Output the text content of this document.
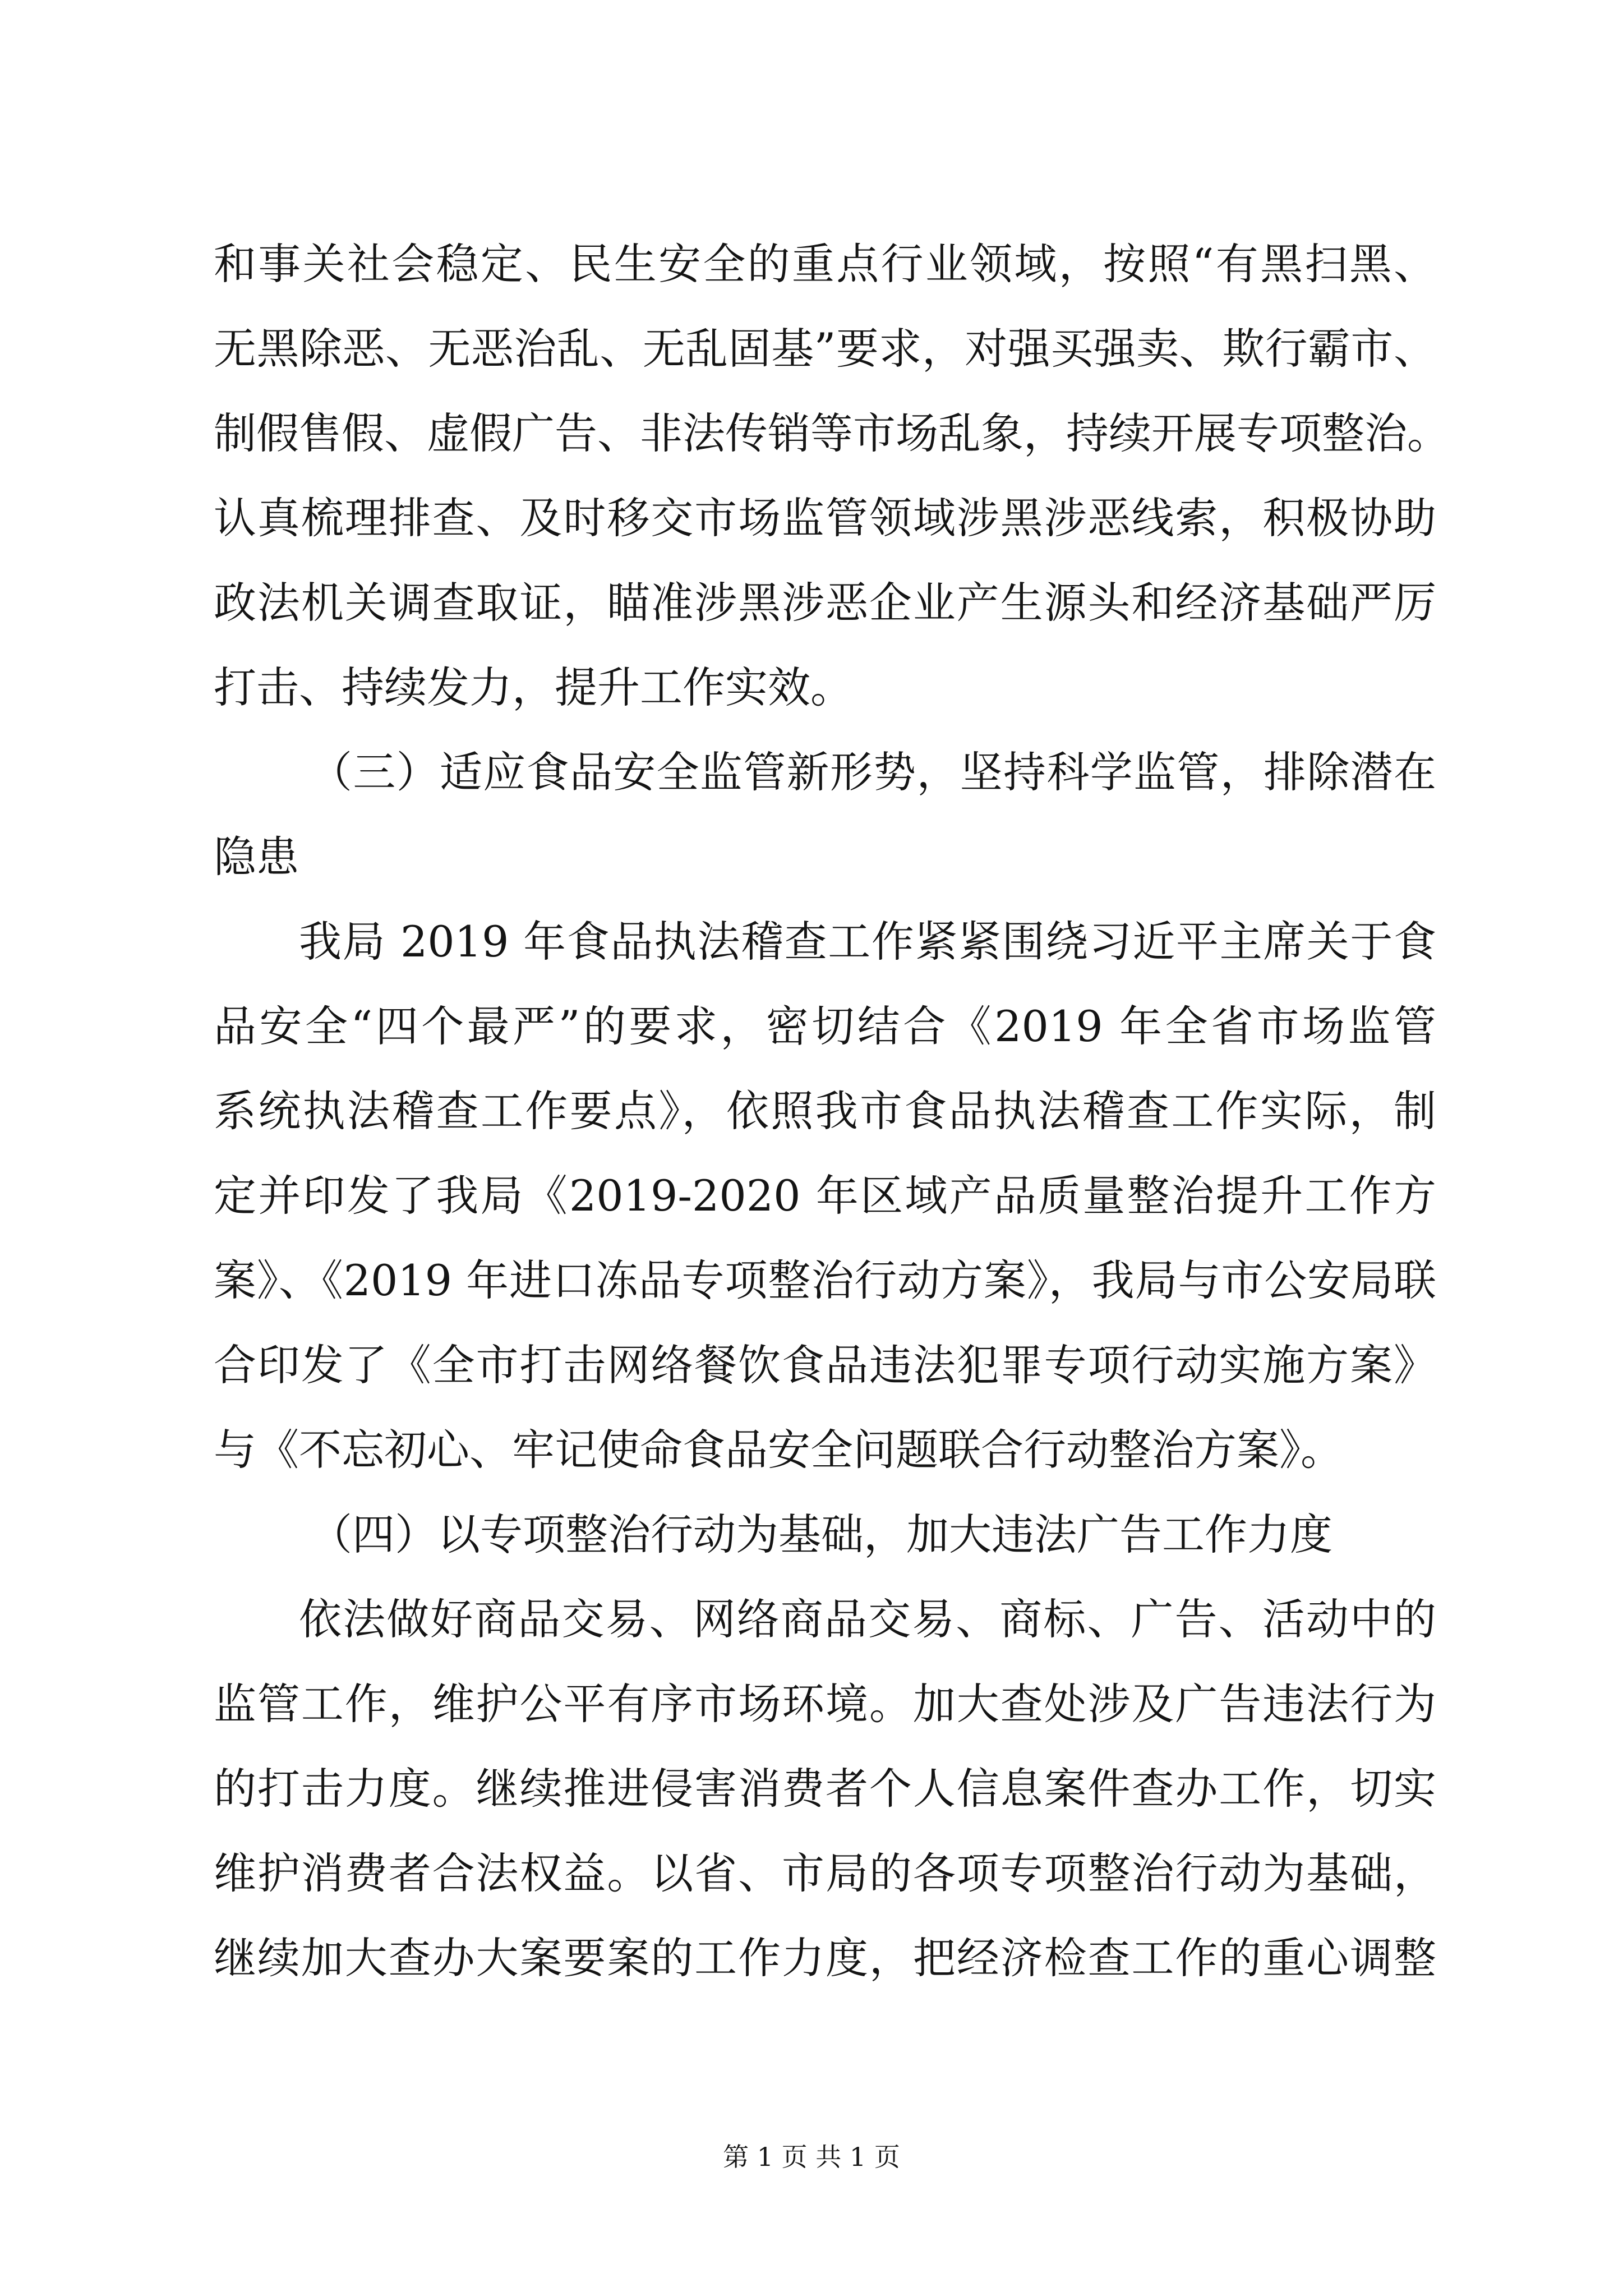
和事关社会稳定、民生安全的重点行业领域，按照“有黑扫黑、
无黑除恶、无恶治乱、无乱固基”要求，对强买强卖、欺行霸市、
制假售假、虚假广告、非法传销等市场乱象，持续开展专项整治。
认真梳理排查、及时移交市场监管领域涉黑涉恶线索，积极协助
政法机关调查取证，瞄准涉黑涉恶企业产生源头和经济基础严厉
打击、持续发力，提升工作实效。
（三）适应食品安全监管新形势，坚持科学监管，排除潜在
隐患
我局 2019 年食品执法稽查工作紧紧围绕习近平主席关于食
品安全“四个最严”的要求，密切结合《2019 年全省市场监管
系统执法稽查工作要点》，依照我市食品执法稽查工作实际，制
定并印发了我局《2019-2020 年区域产品质量整治提升工作方
案》、《2019 年进口冻品专项整治行动方案》，我局与市公安局联
合印发了《全市打击网络餐饮食品违法犯罪专项行动实施方案》
与《不忘初心、牢记使命食品安全问题联合行动整治方案》。
（四）以专项整治行动为基础，加大违法广告工作力度
依法做好商品交易、网络商品交易、商标、广告、活动中的
监管工作，维护公平有序市场环境。加大查处涉及广告违法行为
的打击力度。继续推进侵害消费者个人信息案件查办工作，切实
维护消费者合法权益。以省、市局的各项专项整治行动为基础，
继续加大查办大案要案的工作力度，把经济检查工作的重心调整
第 1 页 共 1 页
